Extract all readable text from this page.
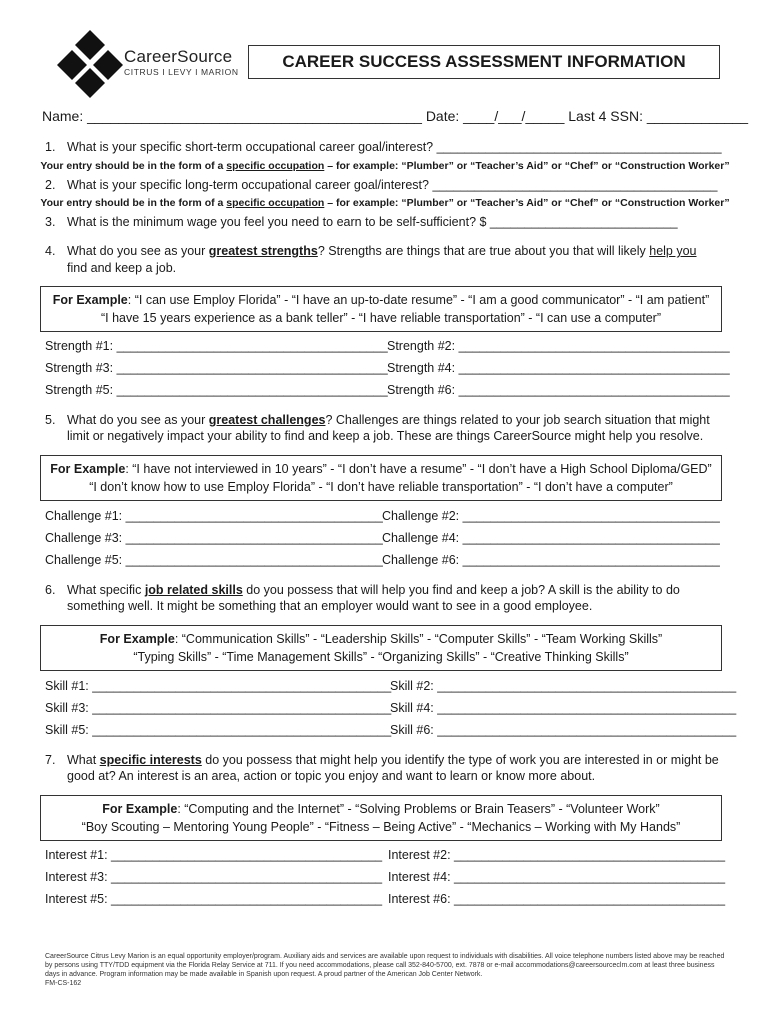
CareerSource
CITRUS I LEVY I MARION
CAREER SUCCESS ASSESSMENT INFORMATION
Name: ___________________________________________ Date: ____/___/_____ Last 4 SSN: _____________
1. What is your specific short-term occupational career goal/interest? _________________________________________
Your entry should be in the form of a specific occupation – for example: “Plumber” or “Teacher’s Aid” or “Chef” or “Construction Worker”
2. What is your specific long-term occupational career goal/interest? _________________________________________
Your entry should be in the form of a specific occupation – for example: “Plumber” or “Teacher’s Aid” or “Chef” or “Construction Worker”
3. What is the minimum wage you feel you need to earn to be self-sufficient? $ ___________________________
4. What do you see as your greatest strengths? Strengths are things that are true about you that will likely help you
find and keep a job.
For Example: “I can use Employ Florida” - “I have an up-to-date resume” - “I am a good communicator” - “I am patient”
“I have 15 years experience as a bank teller” - “I have reliable transportation” - “I can use a computer”
Strength #1: _______________________________________ Strength #2: _______________________________________
Strength #3: _______________________________________ Strength #4: _______________________________________
Strength #5: _______________________________________ Strength #6: _______________________________________
5. What do you see as your greatest challenges? Challenges are things related to your job search situation that might
limit or negatively impact your ability to find and keep a job. These are things CareerSource might help you resolve.
For Example: “I have not interviewed in 10 years” - “I don’t have a resume” - “I don’t have a High School Diploma/GED”
“I don’t know how to use Employ Florida” - “I don’t have reliable transportation” - “I don’t have a computer”
Challenge #1: _____________________________________ Challenge #2: _____________________________________
Challenge #3: _____________________________________ Challenge #4: _____________________________________
Challenge #5: _____________________________________ Challenge #6: _____________________________________
6. What specific job related skills do you possess that will help you find and keep a job? A skill is the ability to do
something well. It might be something that an employer would want to see in a good employee.
For Example: “Communication Skills” - “Leadership Skills” - “Computer Skills” - “Team Working Skills”
“Typing Skills” - “Time Management Skills” - “Organizing Skills” - “Creative Thinking Skills”
Skill #1: ___________________________________________
Skill #2: ___________________________________________
Skill #3: ___________________________________________
Skill #4: ___________________________________________
Skill #5: ___________________________________________
Skill #6: ___________________________________________
7. What specific interests do you possess that might help you identify the type of work you are interested in or might be
good at? An interest is an area, action or topic you enjoy and want to learn or know more about.
For Example: “Computing and the Internet” - “Solving Problems or Brain Teasers” - “Volunteer Work”
“Boy Scouting – Mentoring Young People” - “Fitness – Being Active” - “Mechanics – Working with My Hands”
Interest #1: _______________________________________ Interest #2: _______________________________________
Interest #3: _______________________________________ Interest #4: _______________________________________
Interest #5: _______________________________________ Interest #6: _______________________________________
CareerSource Citrus Levy Marion is an equal opportunity employer/program. Auxiliary aids and services are available upon request to individuals with disabilities. All voice telephone numbers listed above may be reached by persons using TTY/TDD equipment via the Florida Relay Service at 711. If you need accommodations, please call 352-840-5700, ext. 7878 or e-mail accommodations@careersourceclm.com at least three business days in advance. Program information may be made available in Spanish upon request. A proud partner of the American Job Center Network.
FM-CS-162
